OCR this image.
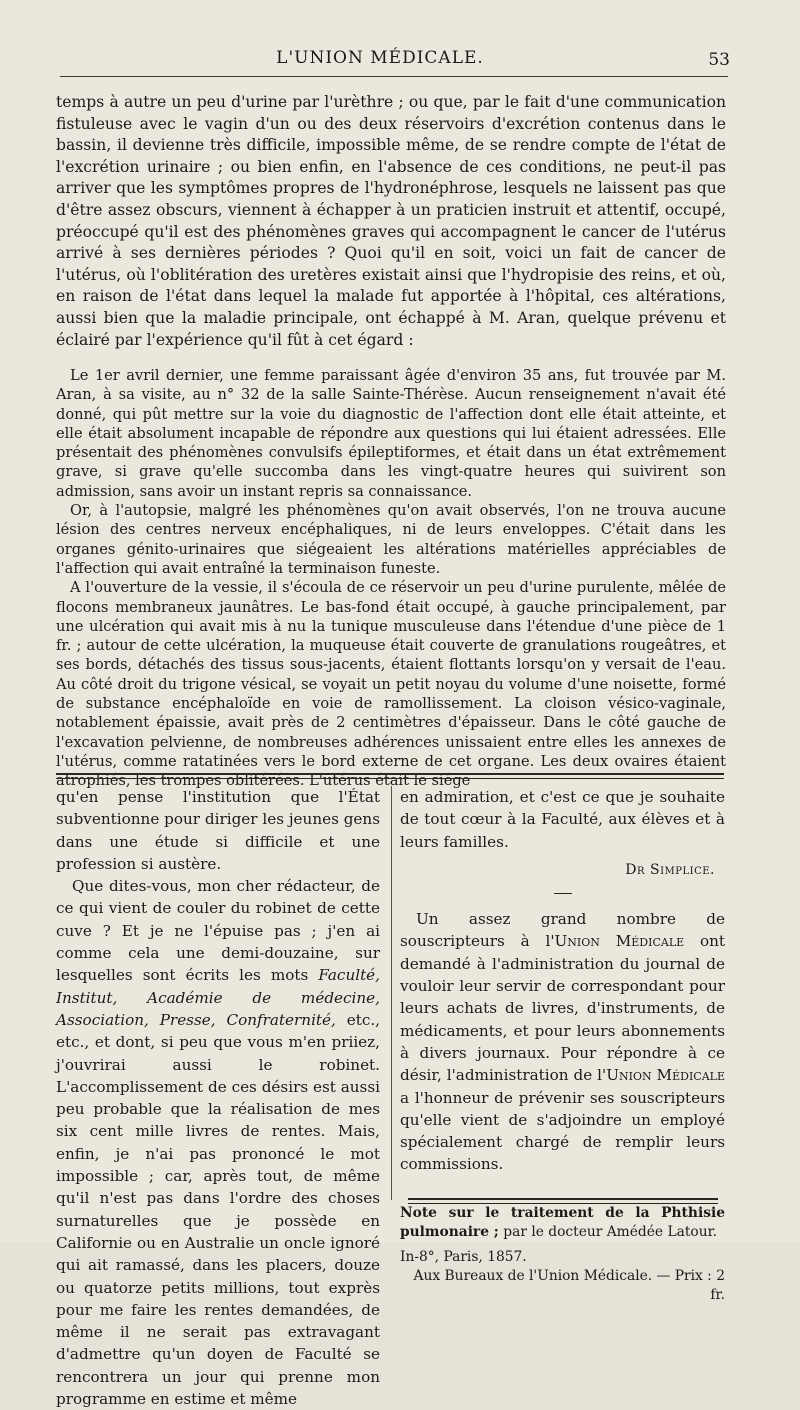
L'UNION MÉDICALE.	53

temps à autre un peu d'urine par l'urèthre ; ou que, par le fait d'une communication fistuleuse avec le vagin d'un ou des deux réservoirs d'excrétion contenus dans le bassin, il devienne très difficile, impossible même, de se rendre compte de l'état de l'excrétion urinaire ; ou bien enfin, en l'absence de ces conditions, ne peut-il pas arriver que les symptômes propres de l'hydronéphrose, lesquels ne laissent pas que d'être assez obscurs, viennent à échapper à un praticien instruit et attentif, occupé, préoccupé qu'il est des phénomènes graves qui accompagnent le cancer de l'utérus arrivé à ses dernières périodes ? Quoi qu'il en soit, voici un fait de cancer de l'utérus, où l'oblitération des uretères existait ainsi que l'hydropisie des reins, et où, en raison de l'état dans lequel la malade fut apportée à l'hôpital, ces altérations, aussi bien que la maladie principale, ont échappé à M. Aran, quelque prévenu et éclairé par l'expérience qu'il fût à cet égard :

Le 1er avril dernier, une femme paraissant âgée d'environ 35 ans, fut trouvée par M. Aran, à sa visite, au n° 32 de la salle Sainte-Thérèse. Aucun renseignement n'avait été donné, qui pût mettre sur la voie du diagnostic de l'affection dont elle était atteinte, et elle était absolument incapable de répondre aux questions qui lui étaient adressées. Elle présentait des phénomènes convulsifs épileptiformes, et était dans un état extrêmement grave, si grave qu'elle succomba dans les vingt-quatre heures qui suivirent son admission, sans avoir un instant repris sa connaissance.

Or, à l'autopsie, malgré les phénomènes qu'on avait observés, l'on ne trouva aucune lésion des centres nerveux encéphaliques, ni de leurs enveloppes. C'était dans les organes génito-urinaires que siégeaient les altérations matérielles appréciables de l'affection qui avait entraîné la terminaison funeste.

A l'ouverture de la vessie, il s'écoula de ce réservoir un peu d'urine purulente, mêlée de flocons membraneux jaunâtres. Le bas-fond était occupé, à gauche principalement, par une ulcération qui avait mis à nu la tunique musculeuse dans l'étendue d'une pièce de 1 fr. ; autour de cette ulcération, la muqueuse était couverte de granulations rougeâtres, et ses bords, détachés des tissus sous-jacents, étaient flottants lorsqu'on y versait de l'eau. Au côté droit du trigone vésical, se voyait un petit noyau du volume d'une noisette, formé de substance encéphaloïde en voie de ramollissement. La cloison vésico-vaginale, notablement épaissie, avait près de 2 centimètres d'épaisseur. Dans le côté gauche de l'excavation pelvienne, de nombreuses adhérences unissaient entre elles les annexes de l'utérus, comme ratatinées vers le bord externe de cet organe. Les deux ovaires étaient atrophiés, les trompes oblitérées. L'utérus était le siége

qu'en pense l'institution que l'État subventionne pour diriger les jeunes gens dans une étude si difficile et une profession si austère.

Que dites-vous, mon cher rédacteur, de ce qui vient de couler du robinet de cette cuve ? Et je ne l'épuise pas ; j'en ai comme cela une demi-douzaine, sur lesquelles sont écrits les mots Faculté, Institut, Académie de médecine, Association, Presse, Confraternité, etc., etc., et dont, si peu que vous m'en priiez, j'ouvrirai aussi le robinet. L'accomplissement de ces désirs est aussi peu probable que la réalisation de mes six cent mille livres de rentes. Mais, enfin, je n'ai pas prononcé le mot impossible ; car, après tout, de même qu'il n'est pas dans l'ordre des choses surnaturelles que je possède en Californie ou en Australie un oncle ignoré qui ait ramassé, dans les placers, douze ou quatorze petits millions, tout exprès pour me faire les rentes demandées, de même il ne serait pas extravagant d'admettre qu'un doyen de Faculté se rencontrera un jour qui prenne mon programme en estime et même

en admiration, et c'est ce que je souhaite de tout cœur à la Faculté, aux élèves et à leurs familles.

Dr Simplice.

Un assez grand nombre de souscripteurs à l'Union Médicale ont demandé à l'administration du journal de vouloir leur servir de correspondant pour leurs achats de livres, d'instruments, de médicaments, et pour leurs abonnements à divers journaux. Pour répondre à ce désir, l'administration de l'Union Médicale a l'honneur de prévenir ses souscripteurs qu'elle vient de s'adjoindre un employé spécialement chargé de remplir leurs commissions.

Note sur le traitement de la Phthisie pulmonaire ; par le docteur Amédée Latour.

In-8°, Paris, 1857.
Aux Bureaux de l'Union Médicale. — Prix : 2 fr.
